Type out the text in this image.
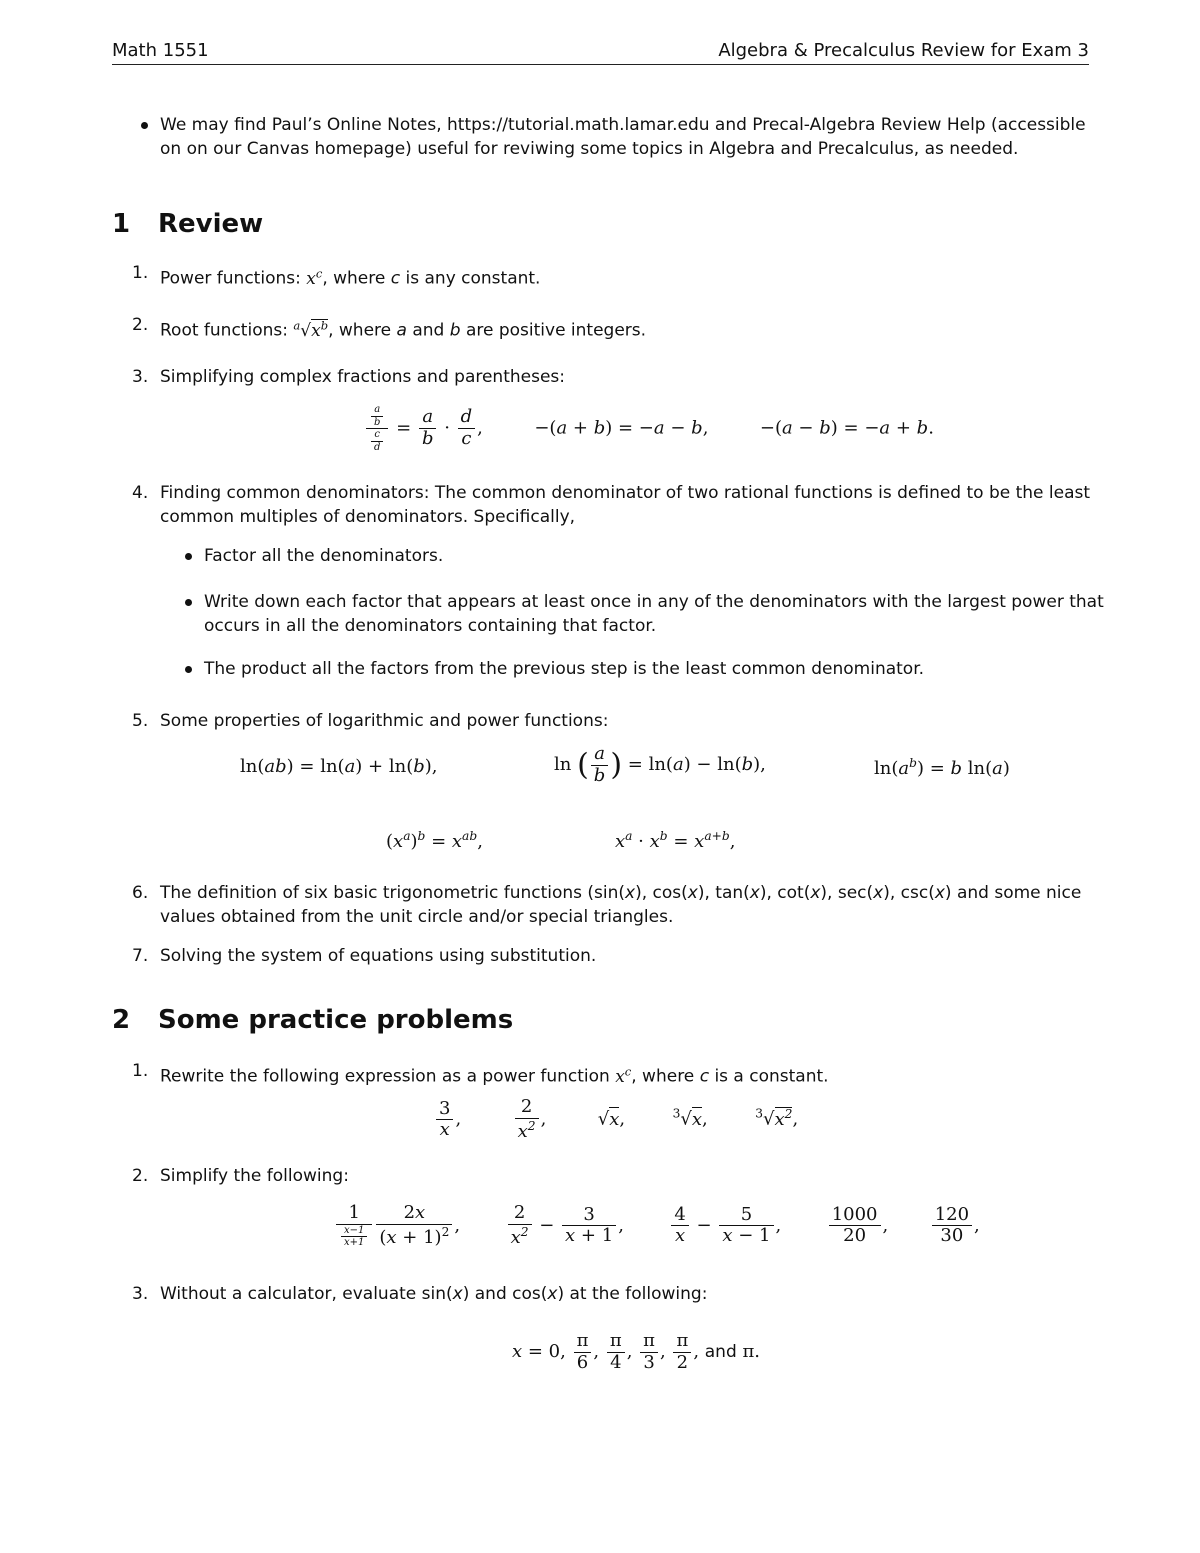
Math 1551	Algebra & Precalculus Review for Exam 3
We may find Paul’s Online Notes, https://tutorial.math.lamar.edu and Precal-Algebra Review Help (accessible
on on our Canvas homepage) useful for reviwing some topics in Algebra and Precalculus, as needed.
1 Review
1. Power functions: $x^c$, where c is any constant.
2. Root functions: $^a√x^b$, where a and b are positive integers.
3. Simplifying complex fractions and parentheses:
$\frac{\frac{a}{b}}{\frac{c}{d}} = \frac{a}{b} \cdot \frac{d}{c}$ ,  −(a + b) = −a − b,  −(a − b) = −a + b.
4. Finding common denominators: The common denominator of two rational functions is defined to be the least
common multiples of denominators. Specifically,
Factor all the denominators.
Write down each factor that appears at least once in any of the denominators with the largest power that
occurs in all the denominators containing that factor.
The product all the factors from the previous step is the least common denominator.
5. Some properties of logarithmic and power functions:
ln(ab) = ln(a) + ln(b),	ln ( $\frac{a}{b}$ ) = ln(a) − ln(b),	$\ln(a^b) = b$ ln(a)
$(x^a)^b = x^{ab}$,	$x^a \cdot x^b = x^{a+b}$,
6. The definition of six basic trigonometric functions (sin(x), cos(x), tan(x), cot(x), sec(x), csc(x) and some nice
values obtained from the unit circle and/or special triangles.
7. Solving the system of equations using substitution.
2 Some practice problems
1. Rewrite the following expression as a power function $x^c$, where c is a constant.
$\frac{3}{x}$ ,	$\frac{2}{x^2}$ ,  √x,	$^3$√x,	$^3√x^2$,
2. Simplify the following:
$\frac{1}{\frac{x-1}{x+1}} \frac{2x}{(x + 1)^2}$ , $\frac{2}{x^2} - \frac{3}{x + 1}$ , $\frac{4}{x} - \frac{5}{x - 1}$ , $\frac{1000}{20}$ , $\frac{120}{30}$ ,
3. Without a calculator, evaluate sin(x) and cos(x) at the following:
x = 0, $\frac{\pi}{6}$ , $\frac{\pi}{4}$ , $\frac{\pi}{3}$ , $\frac{\pi}{2}$ , and π.
